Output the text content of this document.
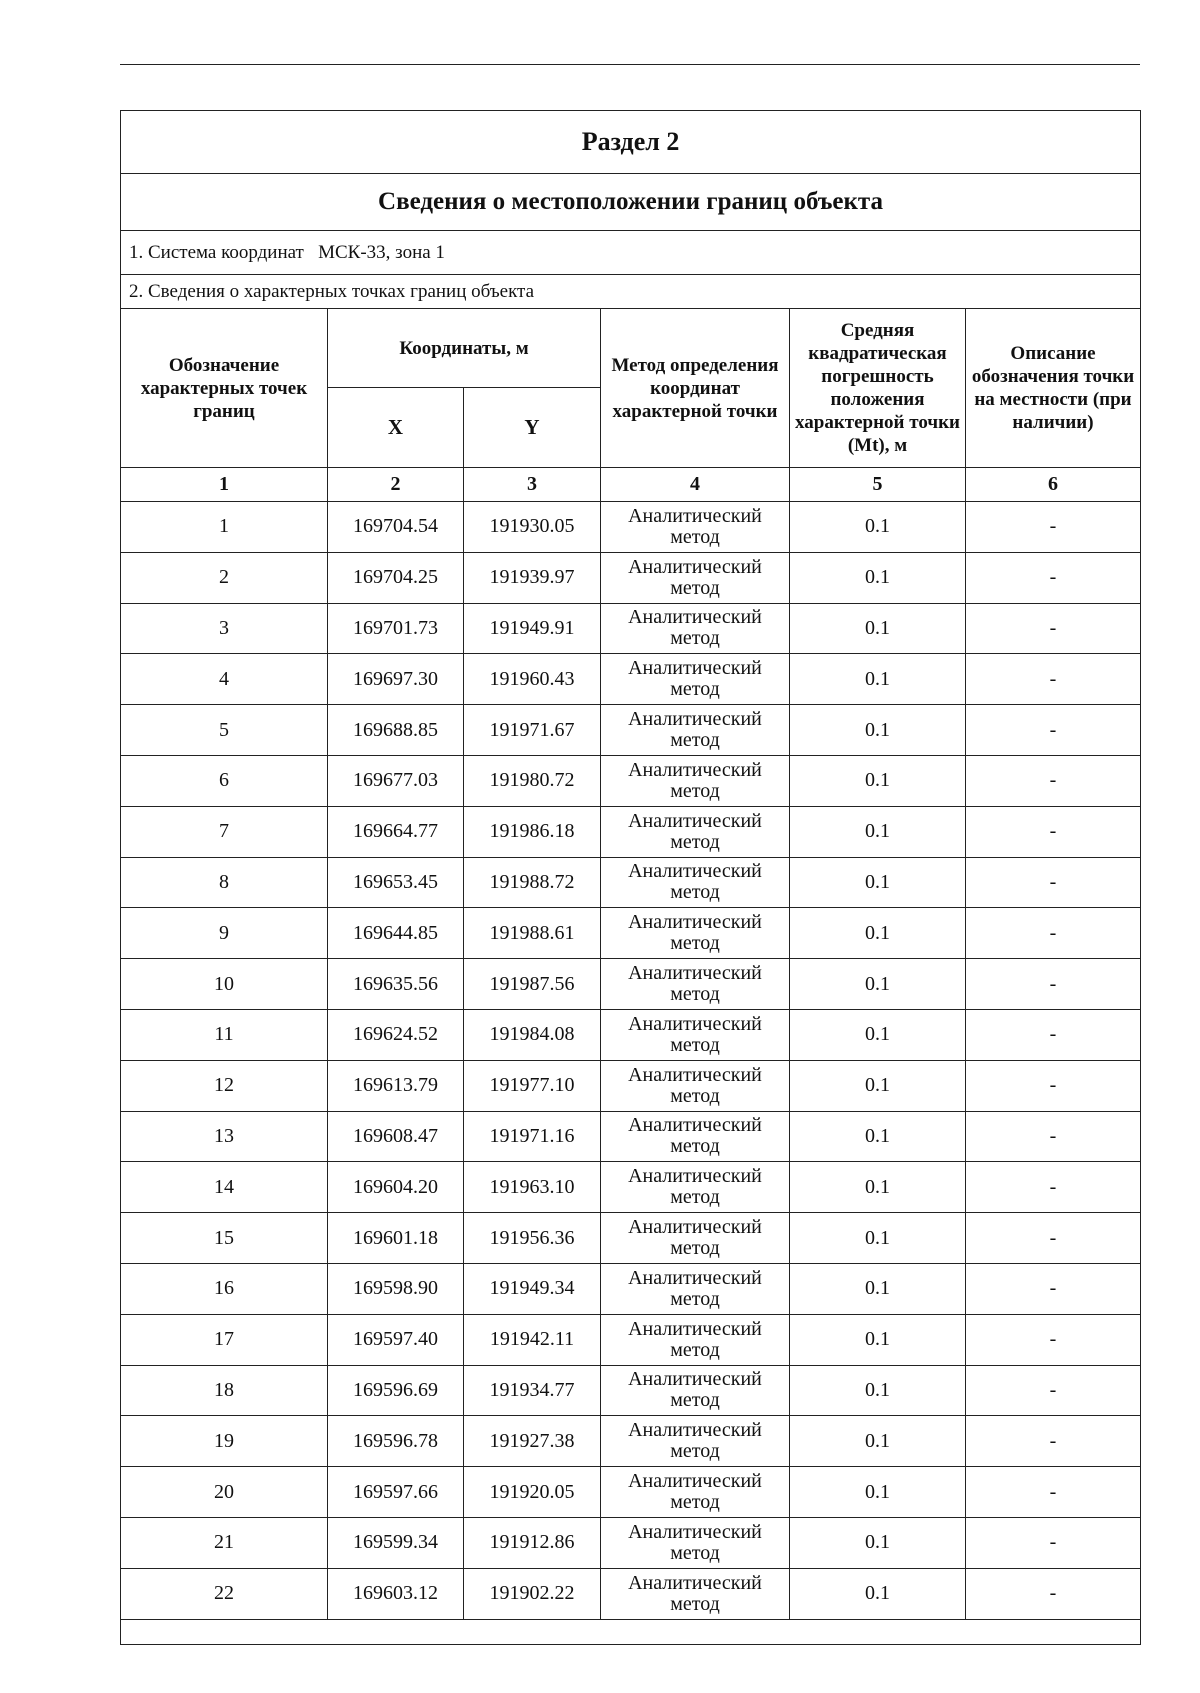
Раздел 2					
Сведения о местоположении границ объекта					
1. Система координат МСК-33, зона 1					
2. Сведения о характерных точках границ объекта					
Обозначение характерных точек границ	Координаты, м		Метод определения координат характерной точки	Средняя квадратическая погрешность положения характерной точки (Mt), м	Описание обозначения точки на местности (при наличии)
	X	Y			
1	2	3	4	5	6
1	169704.54	191930.05	Аналитический метод	0.1	-
2	169704.25	191939.97	Аналитический метод	0.1	-
3	169701.73	191949.91	Аналитический метод	0.1	-
4	169697.30	191960.43	Аналитический метод	0.1	-
5	169688.85	191971.67	Аналитический метод	0.1	-
6	169677.03	191980.72	Аналитический метод	0.1	-
7	169664.77	191986.18	Аналитический метод	0.1	-
8	169653.45	191988.72	Аналитический метод	0.1	-
9	169644.85	191988.61	Аналитический метод	0.1	-
10	169635.56	191987.56	Аналитический метод	0.1	-
11	169624.52	191984.08	Аналитический метод	0.1	-
12	169613.79	191977.10	Аналитический метод	0.1	-
13	169608.47	191971.16	Аналитический метод	0.1	-
14	169604.20	191963.10	Аналитический метод	0.1	-
15	169601.18	191956.36	Аналитический метод	0.1	-
16	169598.90	191949.34	Аналитический метод	0.1	-
17	169597.40	191942.11	Аналитический метод	0.1	-
18	169596.69	191934.77	Аналитический метод	0.1	-
19	169596.78	191927.38	Аналитический метод	0.1	-
20	169597.66	191920.05	Аналитический метод	0.1	-
21	169599.34	191912.86	Аналитический метод	0.1	-
22	169603.12	191902.22	Аналитический метод	0.1	-
